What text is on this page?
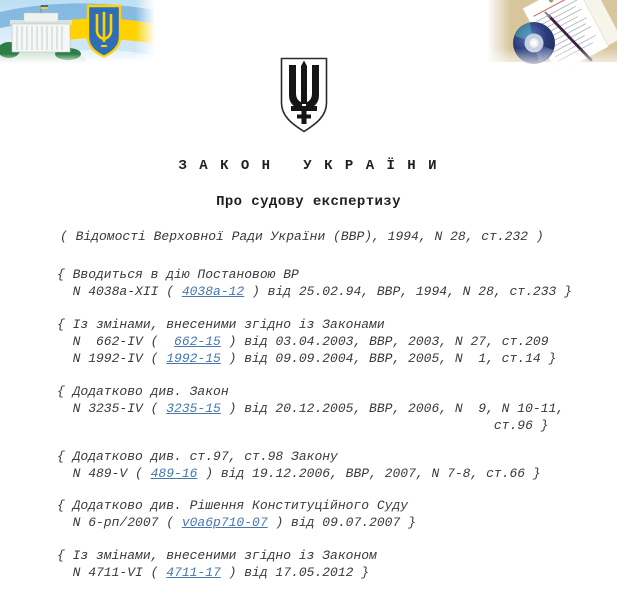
З А К О Н   У К Р А Ї Н И
Про судову експертизу
( Відомості Верховної Ради України (ВВР), 1994, N 28, ст.232 )
{ Вводиться в дію Постановою ВР
N 4038а-XII ( 4038а-12 ) від 25.02.94, ВВР, 1994, N 28, ст.233 }
{ Із змінами, внесеними згідно із Законами
N  662-IV (  662-15 ) від 03.04.2003, ВВР, 2003, N 27, ст.209
N 1992-IV ( 1992-15 ) від 09.09.2004, ВВР, 2005, N  1, ст.14 }
{ Додатково див. Закон
N 3235-IV ( 3235-15 ) від 20.12.2005, ВВР, 2006, N  9, N 10-11,
ст.96 }
{ Додатково див. ст.97, ст.98 Закону
N 489-V ( 489-16 ) від 19.12.2006, ВВР, 2007, N 7-8, ст.66 }
{ Додатково див. Рішення Конституційного Суду
N 6-рп/2007 ( v0a6p710-07 ) від 09.07.2007 }
{ Із змінами, внесеними згідно із Законом
N 4711-VI ( 4711-17 ) від 17.05.2012 }
